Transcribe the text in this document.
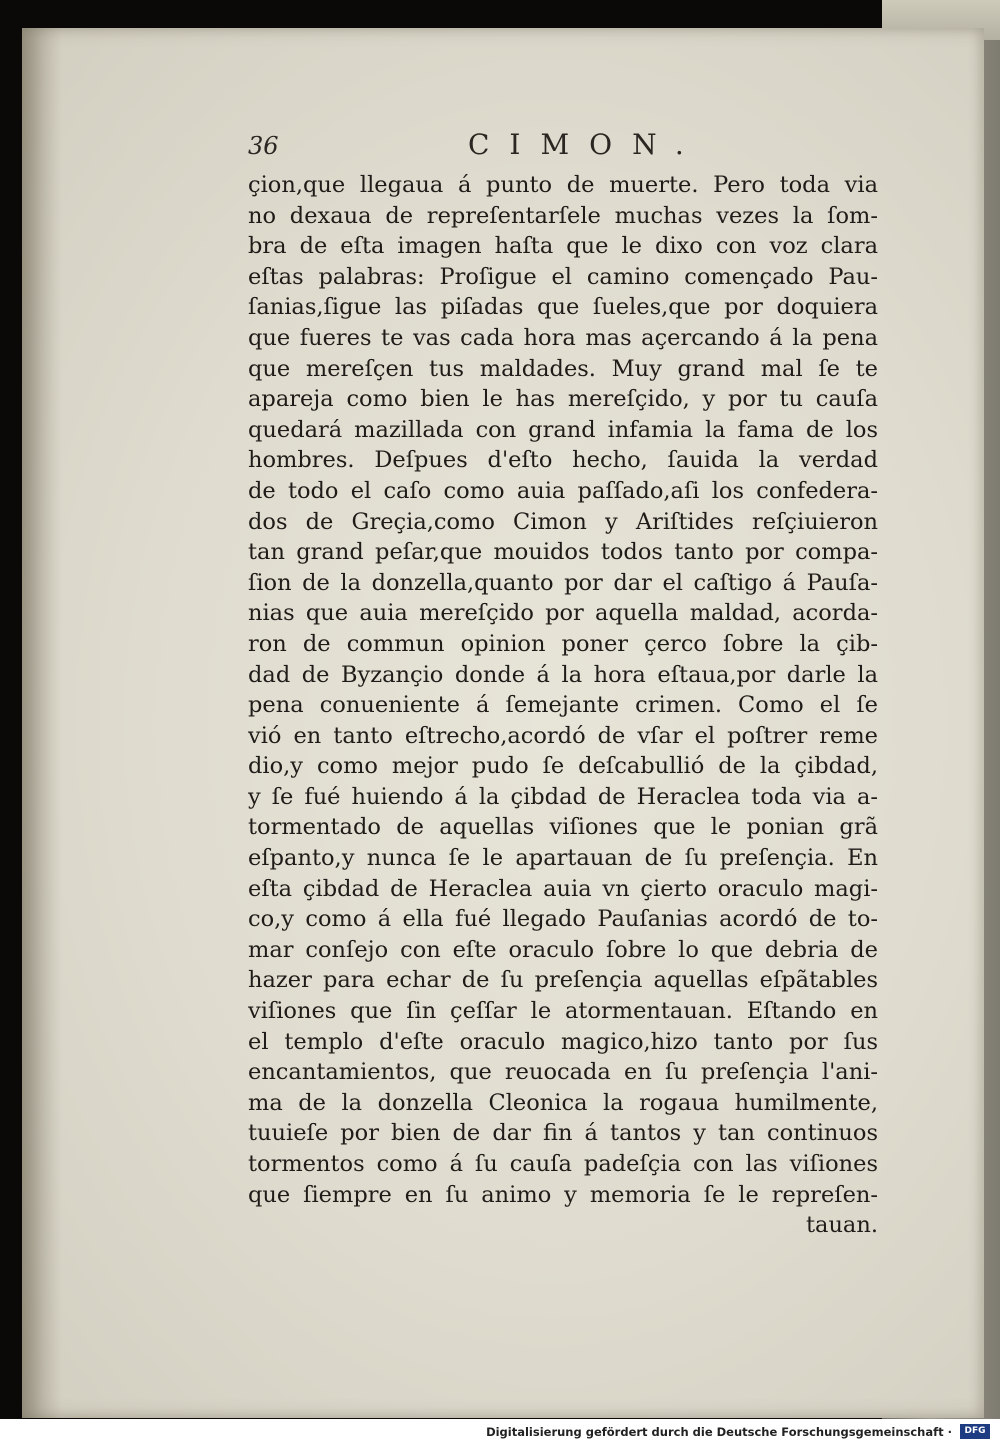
36	CIMON.
çion,que llegaua á punto de muerte. Pero toda via
no dexaua de repreſentarſele muchas vezes la ſom-
bra de eſta imagen haſta que le dixo con voz clara
eſtas palabras: Proſigue el camino començado Pau-
ſanias,ſigue las piſadas que ſueles,que por doquiera
que fueres te vas cada hora mas açercando á la pena
que mereſçen tus maldades. Muy grand mal ſe te
apareja como bien le has mereſçido, y por tu cauſa
quedará mazillada con grand infamia la fama de los
hombres. Deſpues d'eſto hecho, ſauida la verdad
de todo el caſo como auia paſſado,aſi los confedera-
dos de Greçia,como Cimon y Ariſtides reſçiuieron
tan grand peſar,que mouidos todos tanto por compa-
ſion de la donzella,quanto por dar el caſtigo á Pauſa-
nias que auia mereſçido por aquella maldad, acorda-
ron de commun opinion poner çerco ſobre la çib-
dad de Byzançio donde á la hora eſtaua,por darle la
pena conueniente á ſemejante crimen. Como el ſe
vió en tanto eſtrecho,acordó de vſar el poſtrer reme
dio,y como mejor pudo ſe deſcabullió de la çibdad,
y ſe fué huiendo á la çibdad de Heraclea toda via a-
tormentado de aquellas viſiones que le ponian grã
eſpanto,y nunca ſe le apartauan de ſu preſençia. En
eſta çibdad de Heraclea auia vn çierto oraculo magi-
co,y como á ella fué llegado Pauſanias acordó de to-
mar conſejo con eſte oraculo ſobre lo que debria de
hazer para echar de ſu preſençia aquellas eſpãtables
viſiones que ſin çeſſar le atormentauan. Eſtando en
el templo d'eſte oraculo magico,hizo tanto por ſus
encantamientos, que reuocada en ſu preſençia l'ani-
ma de la donzella Cleonica la rogaua humilmente,
tuuieſe por bien de dar fin á tantos y tan continuos
tormentos como á ſu cauſa padeſçia con las viſiones
que ſiempre en ſu animo y memoria ſe le repreſen-
tauan.
Digitalisierung gefördert durch die Deutsche Forschungsgemeinschaft ·	DFG
